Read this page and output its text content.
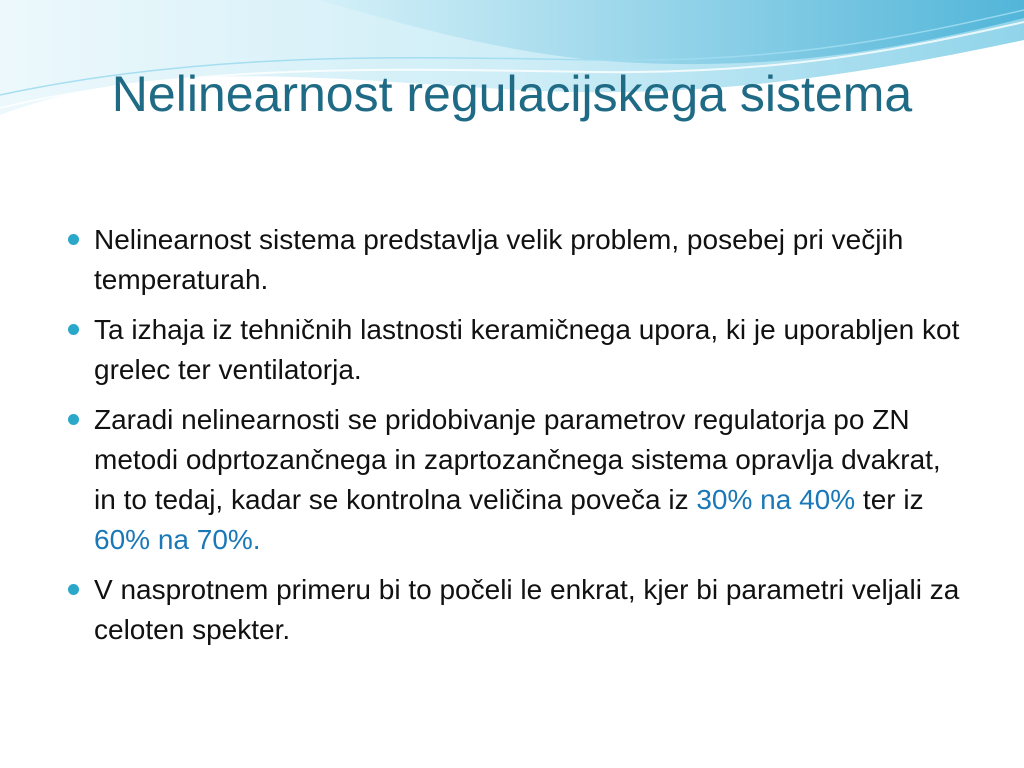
Nelinearnost regulacijskega sistema
Nelinearnost sistema predstavlja velik problem, posebej pri večjih temperaturah.
Ta izhaja iz tehničnih lastnosti keramičnega upora, ki je uporabljen kot grelec ter ventilatorja.
Zaradi nelinearnosti se pridobivanje parametrov regulatorja po ZN metodi odprtozančnega in zaprtozančnega sistema opravlja dvakrat, in to tedaj, kadar se kontrolna veličina poveča iz 30% na 40% ter iz 60% na 70%.
V nasprotnem primeru bi to počeli le enkrat, kjer bi parametri veljali za celoten spekter.
